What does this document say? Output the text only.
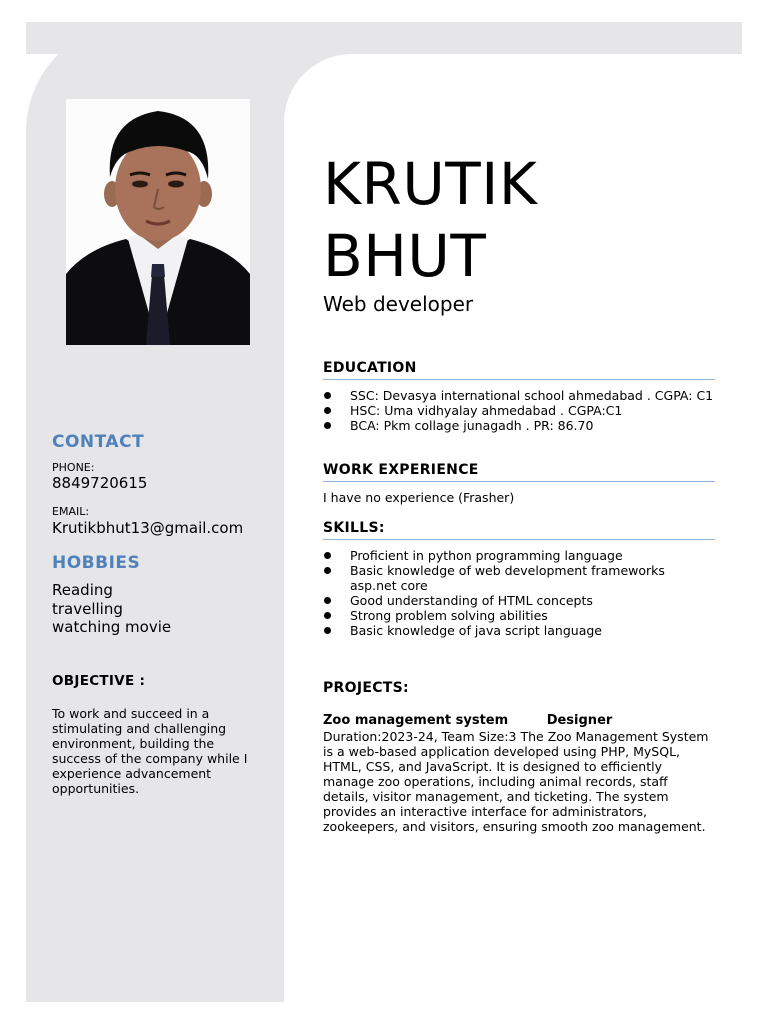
KRUTIK
BHUT
Web developer
EDUCATION
SSC: Devasya international school ahmedabad . CGPA: C1
HSC: Uma vidhyalay ahmedabad . CGPA:C1
BCA: Pkm collage junagadh . PR: 86.70
WORK EXPERIENCE
I have no experience (Frasher)
SKILLS:
Proficient in python programming language
Basic knowledge of web development frameworks asp.net core
Good understanding of HTML concepts
Strong problem solving abilities
Basic knowledge of java script language
PROJECTS:
Zoo management system	Designer
Duration:2023-24, Team Size:3 The Zoo Management System is a web-based application developed using PHP, MySQL, HTML, CSS, and JavaScript. It is designed to efficiently manage zoo operations, including animal records, staff details, visitor management, and ticketing. The system provides an interactive interface for administrators, zookeepers, and visitors, ensuring smooth zoo management.
CONTACT
PHONE:
8849720615
EMAIL:
Krutikbhut13@gmail.com
HOBBIES
Reading
travelling
watching movie
OBJECTIVE :
To work and succeed in a stimulating and challenging environment, building the success of the company while I experience advancement opportunities.
